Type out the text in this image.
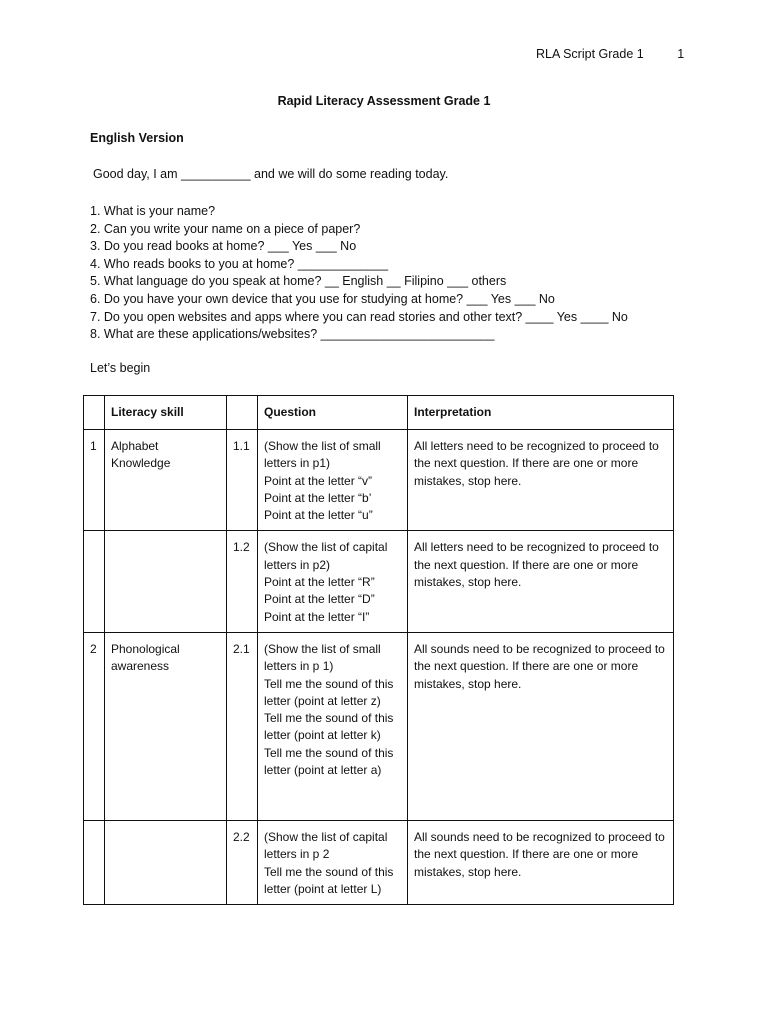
RLA Script Grade 1	1
Rapid Literacy Assessment Grade 1
English Version
Good day, I am __________ and we will do some reading today.
1. What is your name?
2. Can you write your name on a piece of paper?
3. Do you read books at home? ___ Yes ___ No
4. Who reads books to you at home? _____________
5. What language do you speak at home? __ English __ Filipino ___ others
6. Do you have your own device that you use for studying at home? ___ Yes ___ No
7. Do you open websites and apps where you can read stories and other text? ____ Yes ____ No
8. What are these applications/websites? _________________________
Let’s begin
	Literacy skill		Question	Interpretation
1	Alphabet Knowledge	1.1	(Show the list of small letters in p1)
Point at the letter “v”
Point at the letter “b’
Point at the letter “u”	All letters need to be recognized to proceed to the next question. If there are one or more mistakes, stop here.
		1.2	(Show the list of capital letters in p2)
Point at the letter “R”
Point at the letter “D”
Point at the letter “I”	All letters need to be recognized to proceed to the next question. If there are one or more mistakes, stop here.
2	Phonological awareness	2.1	(Show the list of small letters in p 1)
Tell me the sound of this letter (point at letter z)
Tell me the sound of this letter (point at letter k)
Tell me the sound of this letter (point at letter a)	All sounds need to be recognized to proceed to the next question. If there are one or more mistakes, stop here.
		2.2	(Show the list of capital letters in p 2
Tell me the sound of this letter (point at letter L)	All sounds need to be recognized to proceed to the next question. If there are one or more mistakes, stop here.
